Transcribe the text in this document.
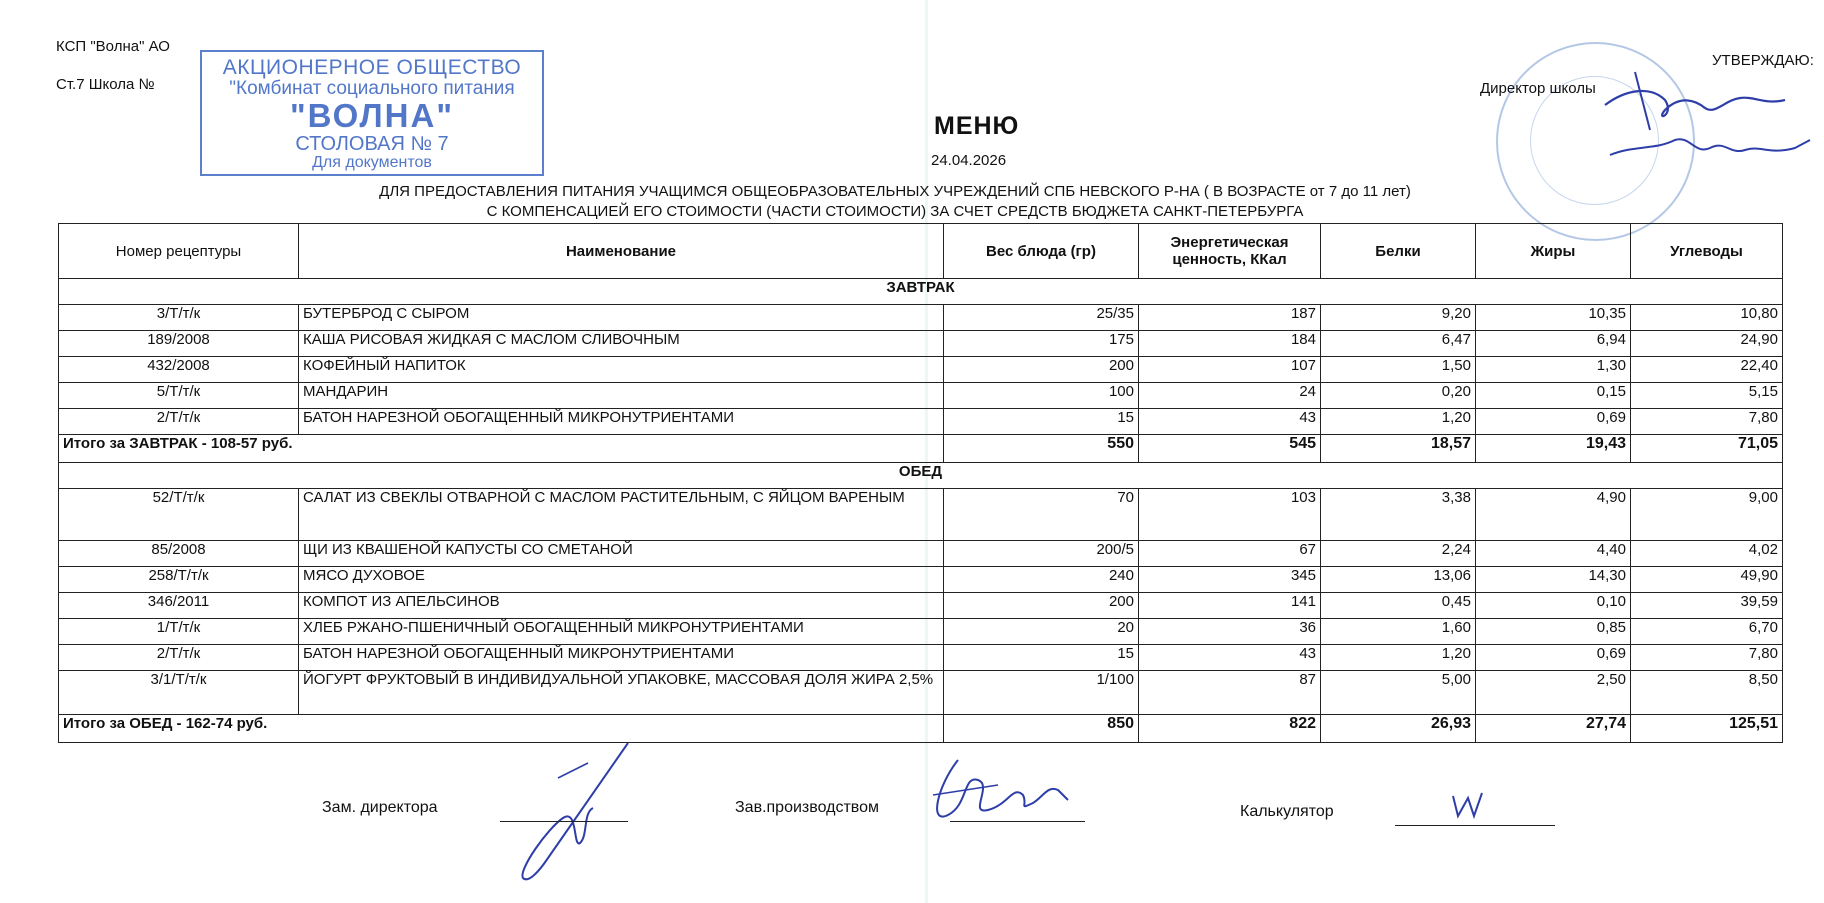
КСП "Волна" АО
Ст.7 Школа №
АКЦИОНЕРНОЕ ОБЩЕСТВО
"Комбинат социального питания
"ВОЛНА"
СТОЛОВАЯ № 7
Для документов
УТВЕРЖДАЮ:
Директор школы
МЕНЮ
24.04.2026
ДЛЯ ПРЕДОСТАВЛЕНИЯ ПИТАНИЯ УЧАЩИМСЯ ОБЩЕОБРАЗОВАТЕЛЬНЫХ УЧРЕЖДЕНИЙ СПБ НЕВСКОГО Р-НА ( В ВОЗРАСТЕ от 7 до 11 лет)
С КОМПЕНСАЦИЕЙ ЕГО СТОИМОСТИ (ЧАСТИ СТОИМОСТИ) ЗА СЧЕТ СРЕДСТВ БЮДЖЕТА САНКТ-ПЕТЕРБУРГА
Номер рецептуры	Наименование	Вес блюда (гр)	Энергетическая ценность, ККал	Белки	Жиры	Углеводы
ЗАВТРАК						
3/Т/т/к	БУТЕРБРОД С СЫРОМ	25/35	187	9,20	10,35	10,80
189/2008	КАША РИСОВАЯ ЖИДКАЯ С МАСЛОМ СЛИВОЧНЫМ	175	184	6,47	6,94	24,90
432/2008	КОФЕЙНЫЙ НАПИТОК	200	107	1,50	1,30	22,40
5/Т/т/к	МАНДАРИН	100	24	0,20	0,15	5,15
2/Т/т/к	БАТОН НАРЕЗНОЙ ОБОГАЩЕННЫЙ МИКРОНУТРИЕНТАМИ	15	43	1,20	0,69	7,80
Итого за ЗАВТРАК - 108-57 руб.		550	545	18,57	19,43	71,05
ОБЕД						
52/Т/т/к	САЛАТ ИЗ СВЕКЛЫ ОТВАРНОЙ С МАСЛОМ РАСТИТЕЛЬНЫМ, С ЯЙЦОМ ВАРЕНЫМ	70	103	3,38	4,90	9,00
85/2008	ЩИ ИЗ КВАШЕНОЙ КАПУСТЫ СО СМЕТАНОЙ	200/5	67	2,24	4,40	4,02
258/Т/т/к	МЯСО ДУХОВОЕ	240	345	13,06	14,30	49,90
346/2011	КОМПОТ ИЗ АПЕЛЬСИНОВ	200	141	0,45	0,10	39,59
1/Т/т/к	ХЛЕБ РЖАНО-ПШЕНИЧНЫЙ ОБОГАЩЕННЫЙ МИКРОНУТРИЕНТАМИ	20	36	1,60	0,85	6,70
2/Т/т/к	БАТОН НАРЕЗНОЙ ОБОГАЩЕННЫЙ МИКРОНУТРИЕНТАМИ	15	43	1,20	0,69	7,80
3/1/Т/т/к	ЙОГУРТ ФРУКТОВЫЙ В ИНДИВИДУАЛЬНОЙ УПАКОВКЕ, МАССОВАЯ ДОЛЯ ЖИРА 2,5%	1/100	87	5,00	2,50	8,50
Итого за ОБЕД - 162-74 руб.		850	822	26,93	27,74	125,51
Зам. директора	Зав.производством	Калькулятор
